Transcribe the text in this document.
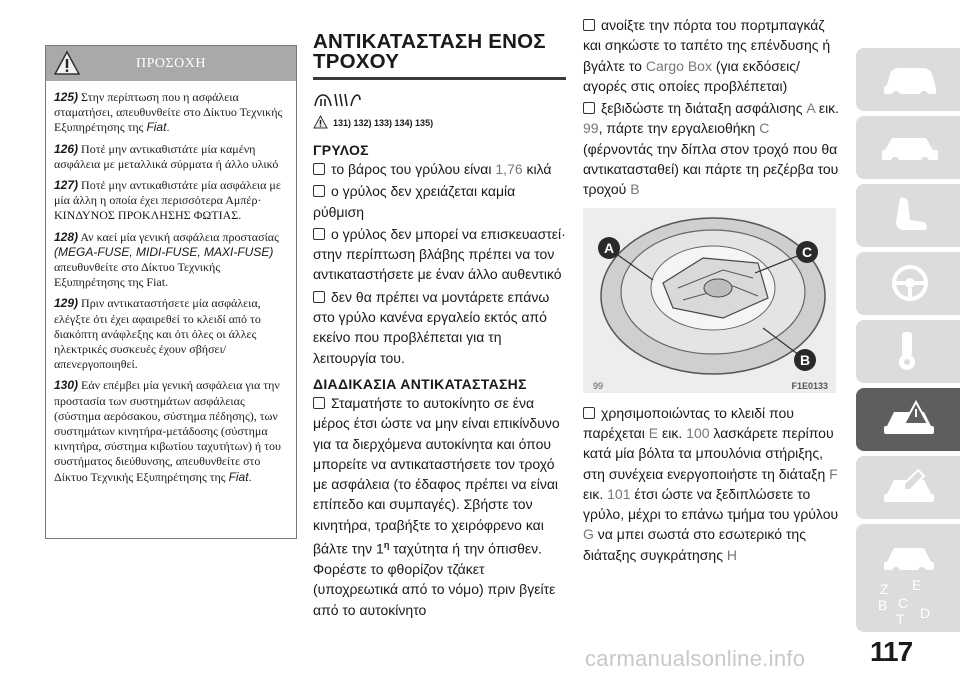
ΠΡΟΣΟΧΗ

125) Στην περίπτωση που η ασφάλεια σταματήσει, απευθυνθείτε στο Δίκτυο Τεχνικής Εξυπηρέτησης της Fiat.

126) Ποτέ μην αντικαθιστάτε μία καμένη ασφάλεια με μεταλλικά σύρματα ή άλλο υλικό

127) Ποτέ μην αντικαθιστάτε μία ασφάλεια με μία άλλη η οποία έχει περισσότερα Αμπέρ· ΚΙΝΔΥΝΟΣ ΠΡΟΚΛΗΣΗΣ ΦΩΤΙΑΣ.

128) Αν καεί μία γενική ασφάλεια προστασίας (MEGA-FUSE, MIDI-FUSE, MAXI-FUSE) απευθυνθείτε στο Δίκτυο Τεχνικής Εξυπηρέτησης της Fiat.

129) Πριν αντικαταστήσετε μία ασφάλεια, ελέγξτε ότι έχει αφαιρεθεί το κλειδί από το διακόπτη ανάφλεξης και ότι όλες οι άλλες ηλεκτρικές συσκευές έχουν σβήσει/απενεργοποιηθεί.

130) Εάν επέμβει μία γενική ασφάλεια για την προστασία των συστημάτων ασφάλειας (σύστημα αερόσακου, σύστημα πέδησης), των συστημάτων κινητήρα-μετάδοσης (σύστημα κινητήρα, σύστημα κιβωτίου ταχυτήτων) ή του συστήματος διεύθυνσης, απευθυνθείτε στο Δίκτυο Τεχνικής Εξυπηρέτησης της Fiat.

ΑΝΤΙΚΑΤΑΣΤΑΣΗ ΕΝΟΣ
ΤΡΟΧΟΥ
131) 132) 133) 134) 135)
ΓΡΥΛΟΣ

το βάρος του γρύλου είναι 1,76 κιλά

ο γρύλος δεν χρειάζεται καμία ρύθμιση

ο γρύλος δεν μπορεί να επισκευαστεί· στην περίπτωση βλάβης πρέπει να τον αντικαταστήσετε με έναν άλλο αυθεντικό

δεν θα πρέπει να μοντάρετε επάνω στο γρύλο κανένα εργαλείο εκτός από εκείνο που προβλέπεται για τη λειτουργία του.

ΔΙΑΔΙΚΑΣΙΑ ΑΝΤΙΚΑΤΑΣΤΑΣΗΣ

Σταματήστε το αυτοκίνητο σε ένα μέρος έτσι ώστε να μην είναι επικίνδυνο για τα διερχόμενα αυτοκίνητα και όπου μπορείτε να αντικαταστήσετε τον τροχό με ασφάλεια (το έδαφος πρέπει να είναι επίπεδο και συμπαγές). Σβήστε τον κινητήρα, τραβήξτε το χειρόφρενο και βάλτε την $1^\eta$ ταχύτητα ή την όπισθεν. Φορέστε το φθορίζον τζάκετ (υποχρεωτικά από το νόμο) πριν βγείτε από το αυτοκίνητο

ανοίξτε την πόρτα του πορτμπαγκάζ και σηκώστε το ταπέτο της επένδυσης ή βγάλτε το Cargo Box (για εκδόσεις/αγορές στις οποίες προβλέπεται)

ξεβιδώστε τη διάταξη ασφάλισης A εικ. 99, πάρτε την εργαλειοθήκη C (φέρνοντάς την δίπλα στον τροχό που θα αντικατασταθεί) και πάρτε τη ρεζέρβα του τροχού B

A	C
B
99	F1E0133

χρησιμοποιώντας το κλειδί που παρέχεται E εικ. 100 λασκάρετε περίπου κατά μία βόλτα τα μπουλόνια στήριξης, στη συνέχεια ενεργοποιήστε τη διάταξη F εικ. 101 έτσι ώστε να ξεδιπλώσετε το γρύλο, μέχρι το επάνω τμήμα του γρύλου G να μπει σωστά στο εσωτερικό της διάταξης συγκράτησης H

Z E
B C
T D
carmanualsonline.info 117
